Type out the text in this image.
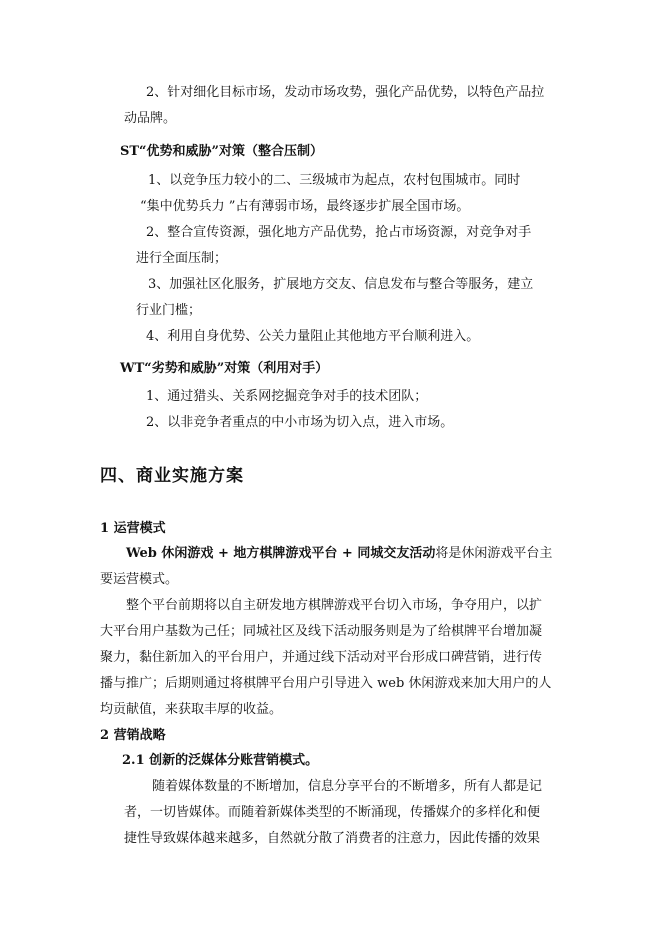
2、针对细化目标市场，发动市场攻势，强化产品优势，以特色产品拉
动品牌。
ST“优势和威胁”对策（整合压制）
1、以竞争压力较小的二、三级城市为起点，农村包围城市。同时
“集中优势兵力 ”占有薄弱市场，最终逐步扩展全国市场。
2、整合宣传资源，强化地方产品优势，抢占市场资源，对竞争对手
进行全面压制；
3、加强社区化服务，扩展地方交友、信息发布与整合等服务，建立
行业门槛；
4、利用自身优势、公关力量阻止其他地方平台顺利进入。
WT“劣势和威胁”对策（利用对手）
1、通过猎头、关系网挖掘竞争对手的技术团队；
2、以非竞争者重点的中小市场为切入点，进入市场。
四、商业实施方案
1 运营模式
Web 休闲游戏 + 地方棋牌游戏平台 + 同城交友活动将是休闲游戏平台主
要运营模式。
整个平台前期将以自主研发地方棋牌游戏平台切入市场，争夺用户，以扩
大平台用户基数为己任；同城社区及线下活动服务则是为了给棋牌平台增加凝
聚力，黏住新加入的平台用户，并通过线下活动对平台形成口碑营销，进行传
播与推广；后期则通过将棋牌平台用户引导进入 web 休闲游戏来加大用户的人
均贡献值，来获取丰厚的收益。
2 营销战略
2.1 创新的泛媒体分账营销模式。
随着媒体数量的不断增加，信息分享平台的不断增多，所有人都是记
者，一切皆媒体。而随着新媒体类型的不断涌现，传播媒介的多样化和便
捷性导致媒体越来越多，自然就分散了消费者的注意力，因此传播的效果
